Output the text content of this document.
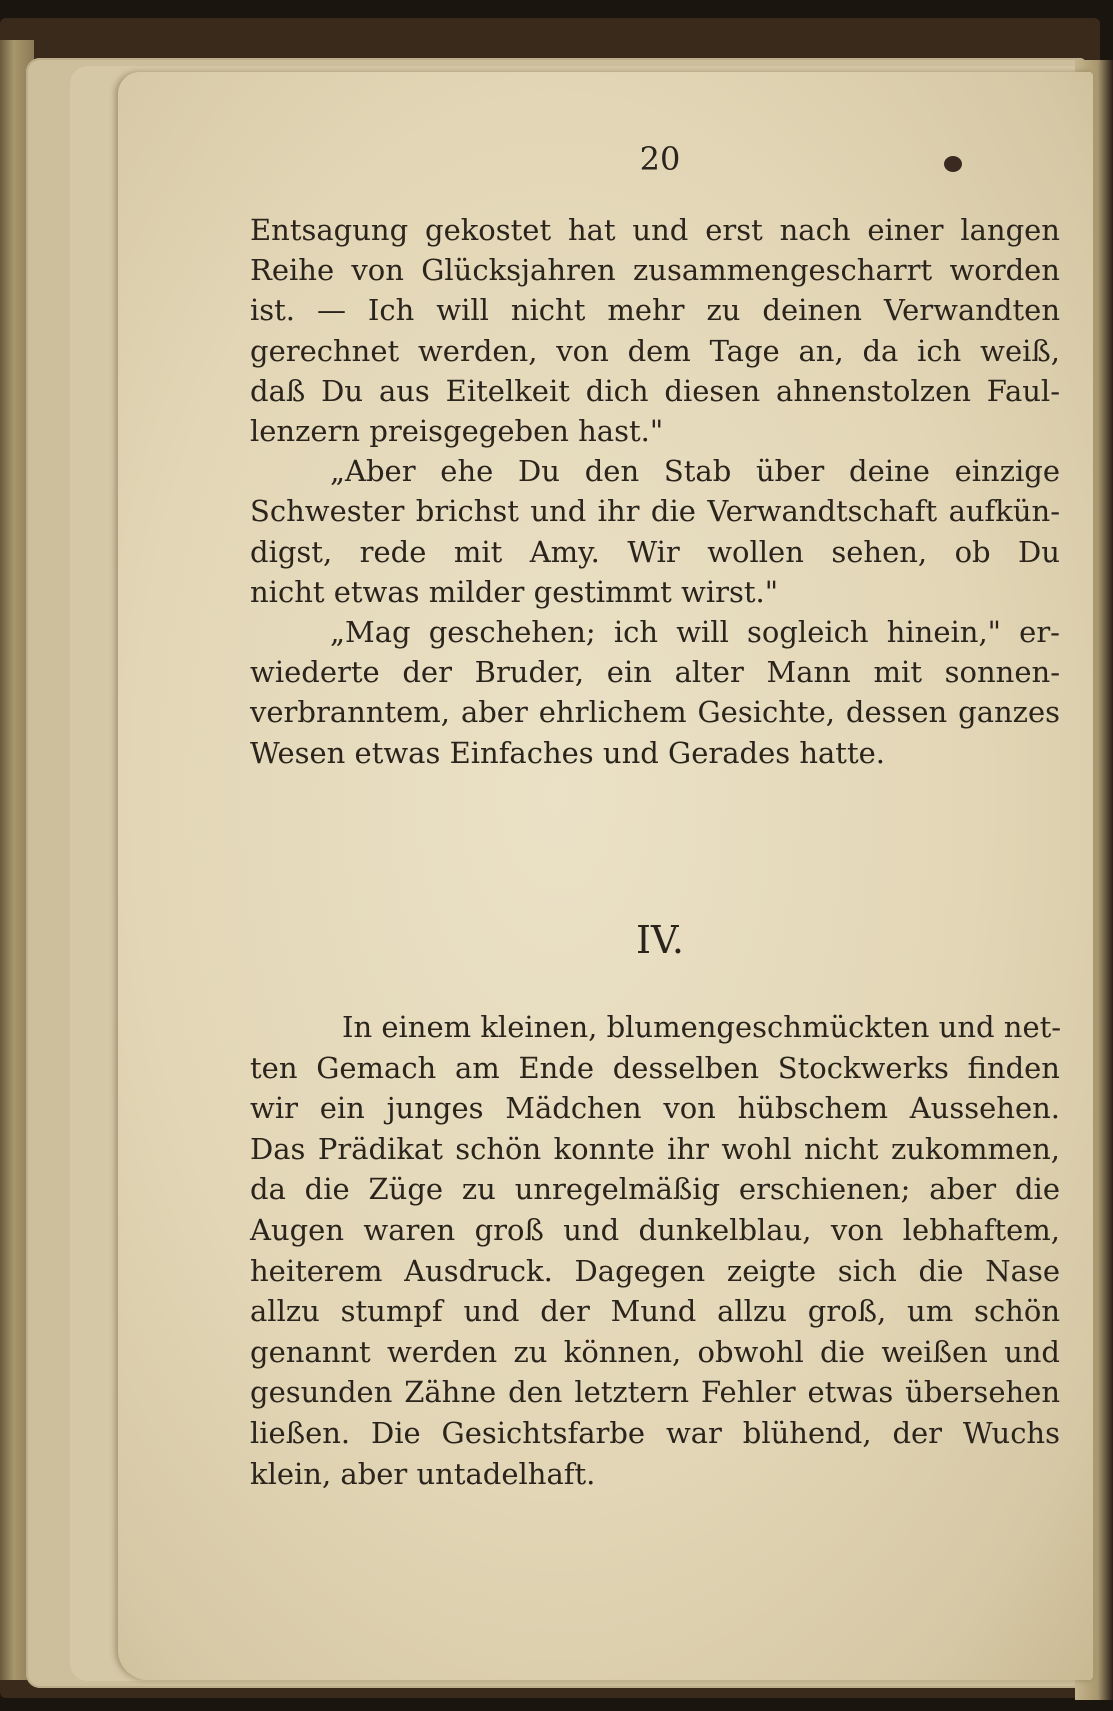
20
Entsagung gekostet hat und erst nach einer langen
Reihe von Glücksjahren zusammengescharrt worden
ist. — Ich will nicht mehr zu deinen Verwandten
gerechnet werden, von dem Tage an, da ich weiß,
daß Du aus Eitelkeit dich diesen ahnenstolzen Faul-
lenzern preisgegeben hast."
„Aber ehe Du den Stab über deine einzige
Schwester brichst und ihr die Verwandtschaft aufkün-
digst, rede mit Amy. Wir wollen sehen, ob Du
nicht etwas milder gestimmt wirst."
„Mag geschehen; ich will sogleich hinein," er-
wiederte der Bruder, ein alter Mann mit sonnen-
verbranntem, aber ehrlichem Gesichte, dessen ganzes
Wesen etwas Einfaches und Gerades hatte.
IV.
In einem kleinen, blumengeschmückten und net-
ten Gemach am Ende desselben Stockwerks finden
wir ein junges Mädchen von hübschem Aussehen.
Das Prädikat schön konnte ihr wohl nicht zukommen,
da die Züge zu unregelmäßig erschienen; aber die
Augen waren groß und dunkelblau, von lebhaftem,
heiterem Ausdruck. Dagegen zeigte sich die Nase
allzu stumpf und der Mund allzu groß, um schön
genannt werden zu können, obwohl die weißen und
gesunden Zähne den letztern Fehler etwas übersehen
ließen. Die Gesichtsfarbe war blühend, der Wuchs
klein, aber untadelhaft.
